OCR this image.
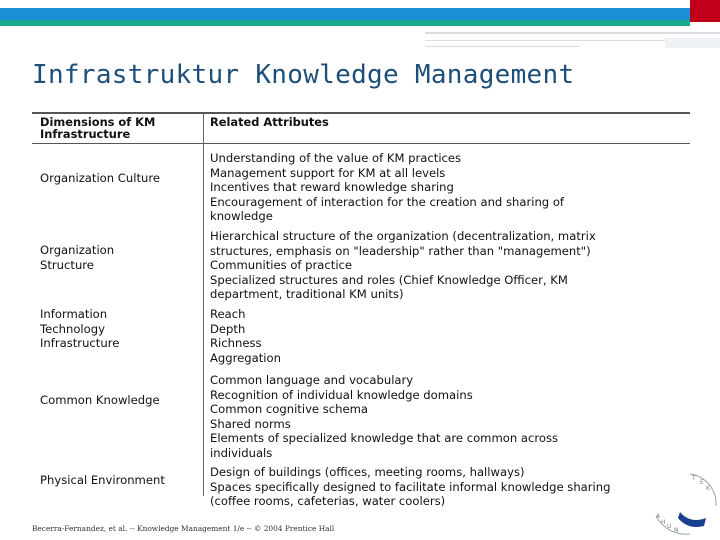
Infrastruktur Knowledge Management
Dimensions of KM
Infrastructure
Related Attributes
Organization Culture
Understanding of the value of KM practices
Management support for KM at all levels
Incentives that reward knowledge sharing
Encouragement of interaction for the creation and sharing of
knowledge
Organization
Structure
Hierarchical structure of the organization (decentralization, matrix
structures, emphasis on "leadership" rather than "management")
Communities of practice
Specialized structures and roles (Chief Knowledge Officer, KM
department, traditional KM units)
Information
Technology
Infrastructure
Reach
Depth
Richness
Aggregation
Common Knowledge
Common language and vocabulary
Recognition of individual knowledge domains
Common cognitive schema
Shared norms
Elements of specialized knowledge that are common across
individuals
Physical Environment
Design of buildings (offices, meeting rooms, hallways)
Spaces specifically designed to facilitate informal knowledge sharing
(coffee rooms, cafeterias, water coolers)
Becerra-Fernandez, et al. -- Knowledge Management 1/e -- © 2004 Prentice Hall
T
E
K
A
H
U
N
